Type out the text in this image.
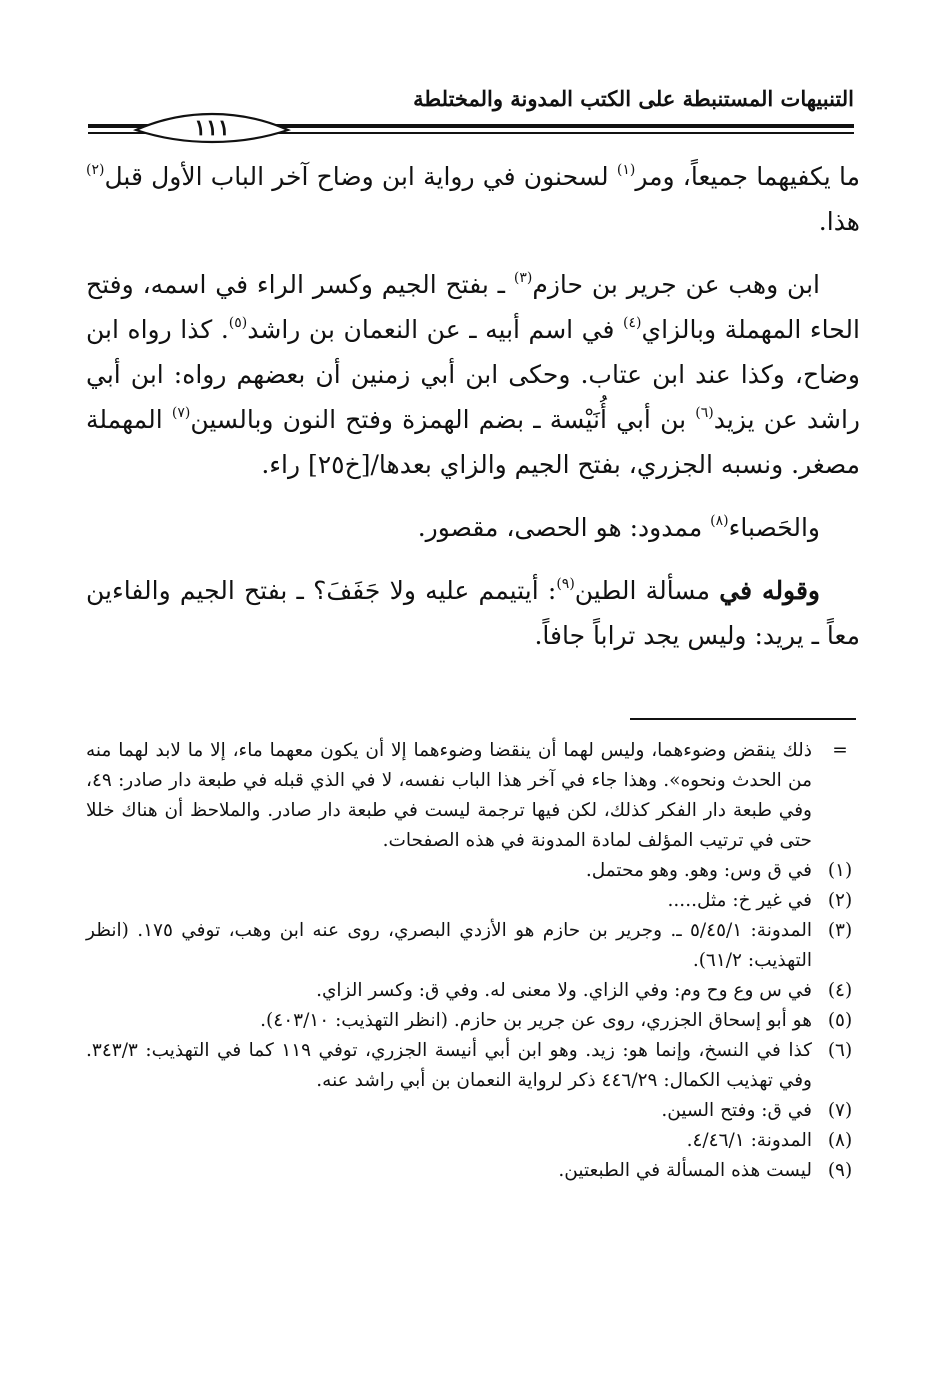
التنبيهات المستنبطة على الكتب المدونة والمختلطة
١١١

ما يكفيهما جميعاً، ومر$^{(١)}$ لسحنون في رواية ابن وضاح آخر الباب الأول قبل$^{(٢)}$ هذا.

ابن وهب عن جرير بن حازم$^{(٣)}$ ـ بفتح الجيم وكسر الراء في اسمه، وفتح الحاء المهملة وبالزاي$^{(٤)}$ في اسم أبيه ـ عن النعمان بن راشد$^{(٥)}$. كذا رواه ابن وضاح، وكذا عند ابن عتاب. وحكى ابن أبي زمنين أن بعضهم رواه: ابن أبي راشد عن يزيد$^{(٦)}$ بن أبي أُنَيْسة ـ بضم الهمزة وفتح النون وبالسين$^{(٧)}$ المهملة مصغر. ونسبه الجزري، بفتح الجيم والزاي بعدها/[خ٢٥] راء.

والحَصباء$^{(٨)}$ ممدود: هو الحصى، مقصور.

وقوله في مسألة الطين$^{(٩)}$: أيتيمم عليه ولا جَفَفَ؟ ـ بفتح الجيم والفاءين معاً ـ يريد: وليس يجد تراباً جافاً.

=
ذلك ينقض وضوءهما، وليس لهما أن ينقضا وضوءهما إلا أن يكون معهما ماء، إلا ما لابد لهما منه من الحدث ونحوه». وهذا جاء في آخر هذا الباب نفسه، لا في الذي قبله في طبعة دار صادر: ٤٩، وفي طبعة دار الفكر كذلك، لكن فيها ترجمة ليست في طبعة دار صادر. والملاحظ أن هناك خللا حتى في ترتيب المؤلف لمادة المدونة في هذه الصفحات.
(١)
في ق وس: وهو. وهو محتمل.
(٢)
في غير خ: مثل.....
(٣)
المدونة: ٥/٤٥/١ ـ. وجرير بن حازم هو الأزدي البصري، روى عنه ابن وهب، توفي ١٧٥. (انظر التهذيب: ٦١/٢).
(٤)
في س وع وح وم: وفي الزاي. ولا معنى له. وفي ق: وكسر الزاي.
(٥)
هو أبو إسحاق الجزري، روى عن جرير بن حازم. (انظر التهذيب: ٤٠٣/١٠).
(٦)
كذا في النسخ، وإنما هو: زيد. وهو ابن أبي أنيسة الجزري، توفي ١١٩ كما في التهذيب: ٣٤٣/٣. وفي تهذيب الكمال: ٤٤٦/٢٩ ذكر لرواية النعمان بن أبي راشد عنه.
(٧)
في ق: وفتح السين.
(٨)
المدونة: ٤/٤٦/١.
(٩)
ليست هذه المسألة في الطبعتين.
